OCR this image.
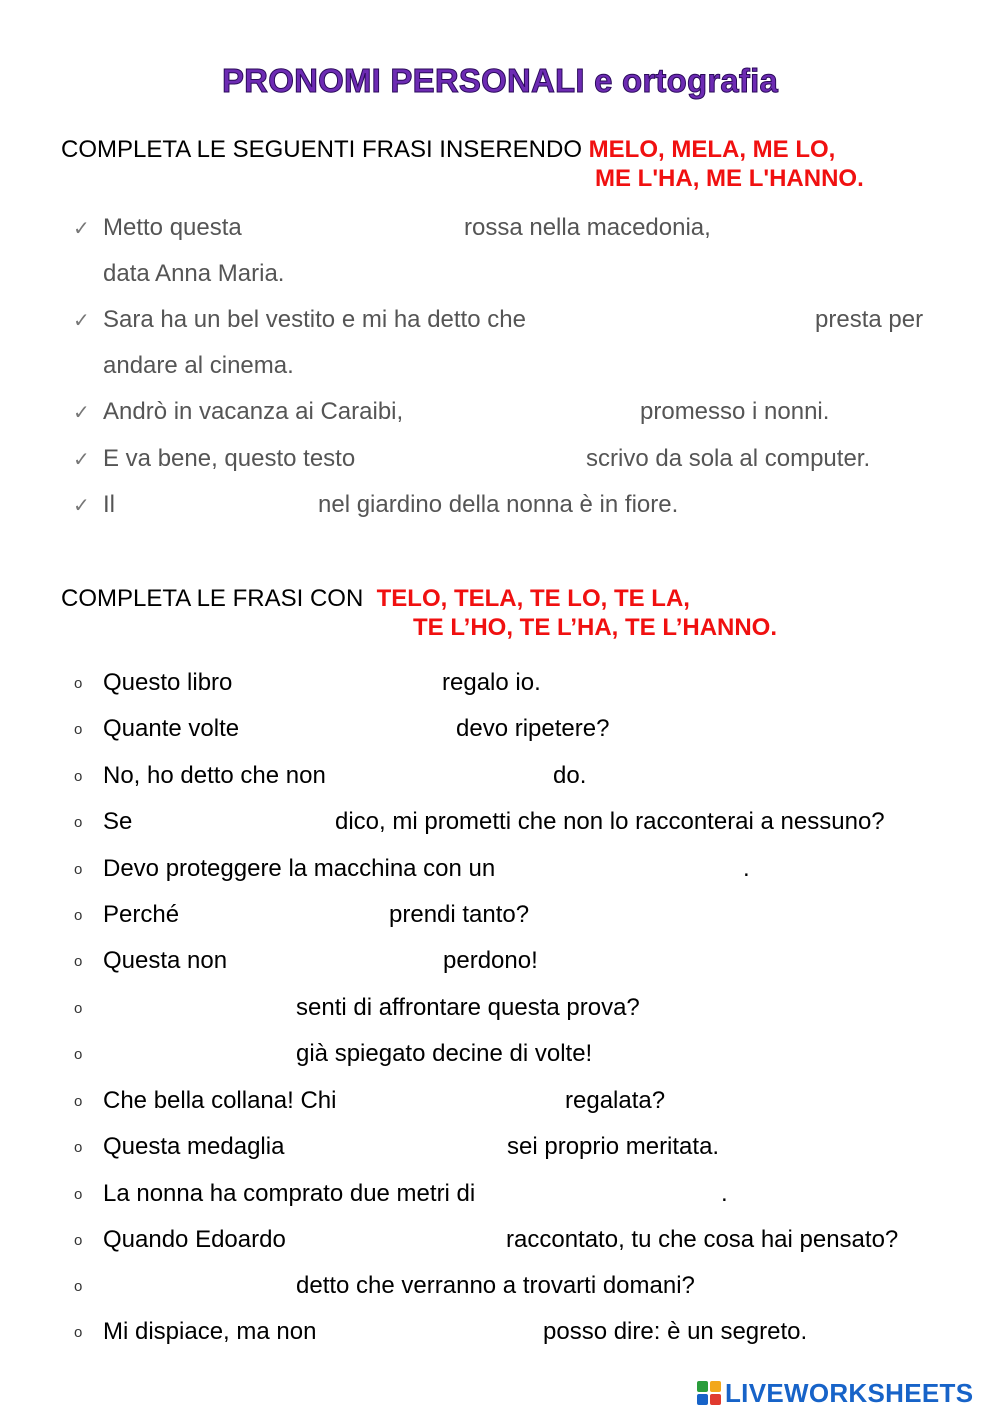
PRONOMI PERSONALI e ortografia
COMPLETA LE SEGUENTI FRASI INSERENDO MELO, MELA, ME LO,
ME L'HA, ME L'HANNO.
✓ Metto questa	rossa nella macedonia,
data Anna Maria.
✓ Sara ha un bel vestito e mi ha detto che	presta per
andare al cinema.
✓ Andrò in vacanza ai Caraibi,	promesso i nonni.
✓ E va bene, questo testo	scrivo da sola al computer.
✓ Il	nel giardino della nonna è in fiore.
COMPLETA LE FRASI CON  TELO, TELA, TE LO, TE LA,
TE L’HO, TE L’HA, TE L’HANNO.
o Questo libro	regalo io.
o Quante volte	devo ripetere?
o No, ho detto che non	do.
o Se	dico, mi prometti che non lo racconterai a nessuno?
o Devo proteggere la macchina con un	.
o Perché	prendi tanto?
o Questa non	perdono!
o	senti di affrontare questa prova?
o	già spiegato decine di volte!
o Che bella collana! Chi	regalata?
o Questa medaglia	sei proprio meritata.
o La nonna ha comprato due metri di	.
o Quando Edoardo	raccontato, tu che cosa hai pensato?
o	detto che verranno a trovarti domani?
o Mi dispiace, ma non	posso dire: è un segreto.
LIVEWORKSHEETS
